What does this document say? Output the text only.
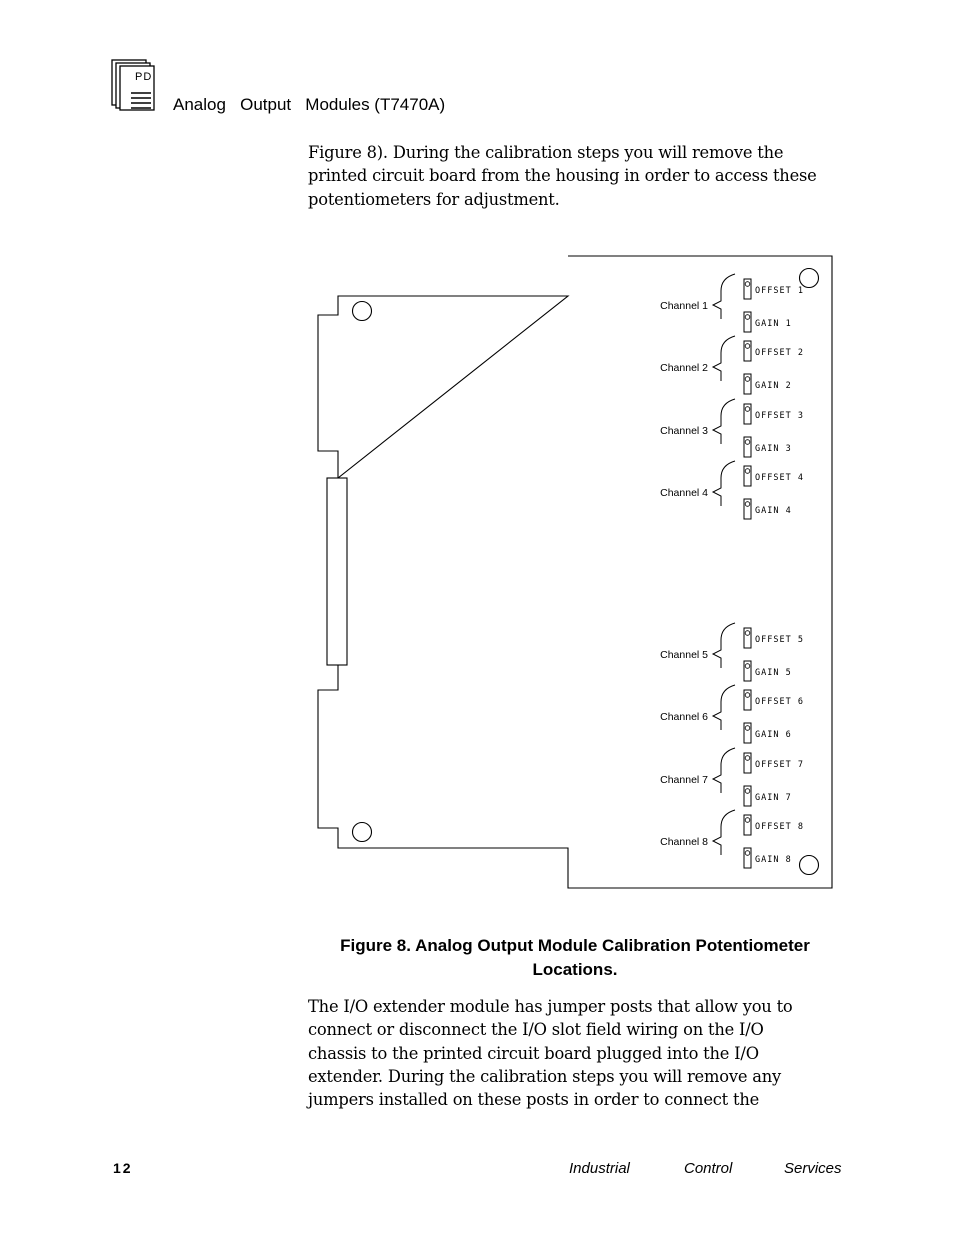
PD
Analog   Output   Modules (T7470A)
Figure 8). During the calibration steps you will remove the
printed circuit board from the housing in order to access these
potentiometers for adjustment.
Channel 1
OFFSET 1
GAIN 1
Channel 2
OFFSET 2
GAIN 2
Channel 3
OFFSET 3
GAIN 3
Channel 4
OFFSET 4
GAIN 4
Channel 5
OFFSET 5
GAIN 5
Channel 6
OFFSET 6
GAIN 6
Channel 7
OFFSET 7
GAIN 7
Channel 8
OFFSET 8
GAIN 8
Figure 8. Analog Output Module Calibration Potentiometer
Locations.
The I/O extender module has jumper posts that allow you to
connect or disconnect the I/O slot field wiring on the I/O
chassis to the printed circuit board plugged into the I/O
extender. During the calibration steps you will remove any
jumpers installed on these posts in order to connect the
12	Industrial	Control	Services
